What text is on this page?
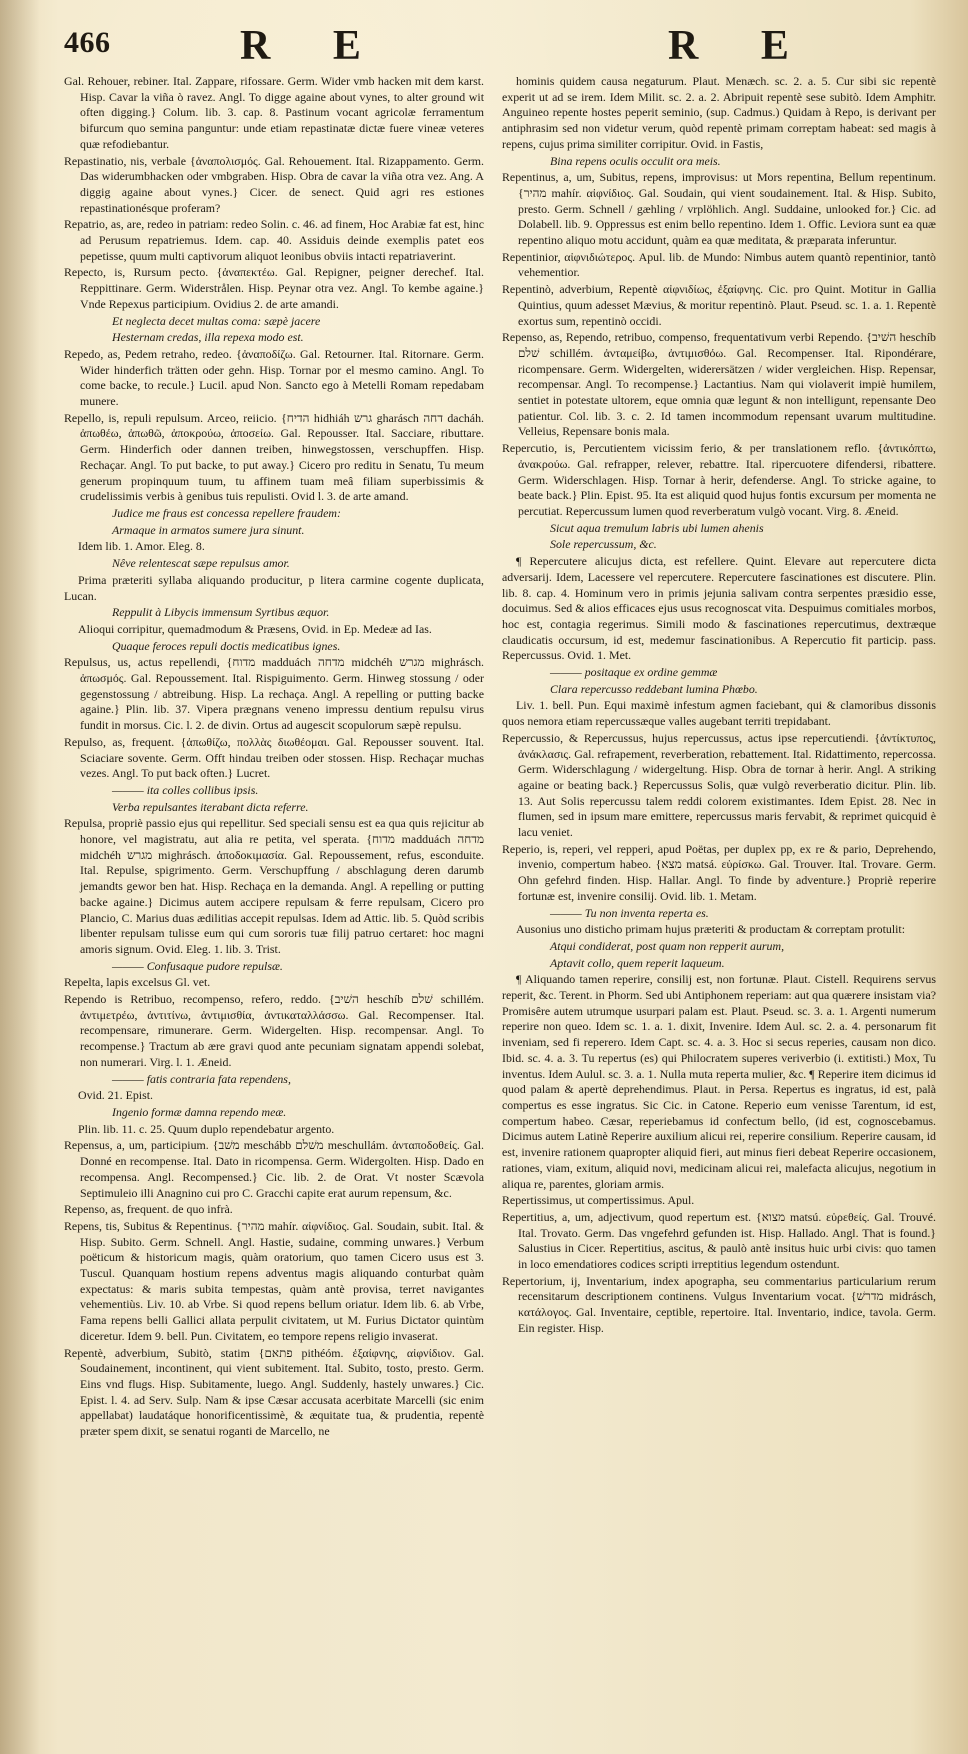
466	R E	R E

Gal. Rehouer, rebiner. Ital. Zappare, rifossare. Germ. Wider vmb hacken mit dem karst. Hisp. Cavar la viña ò ravez. Angl. To digge againe about vynes, to alter ground wit often digging.} Colum. lib. 3. cap. 8. Pastinum vocant agricolæ ferramentum bifurcum quo semina panguntur: unde etiam repastinatæ dictæ fuere vineæ veteres quæ refodiebantur.

Repastinatio, nis, verbale {ἀναπολισμός. Gal. Rehouement. Ital. Rizappamento. Germ. Das widerumbhacken oder vmbgraben. Hisp. Obra de cavar la viña otra vez. Ang. A diggig againe about vynes.} Cicer. de senect. Quid agri res estiones repastinationésque proferam?

Repatrio, as, are, redeo in patriam: redeo Solin. c. 46. ad finem, Hoc Arabiæ fat est, hinc ad Perusum repatriemus. Idem. cap. 40. Assiduis deinde exemplis patet eos pepetisse, quum multi captivorum aliquot leonibus obviis intacti repatriaverint.

Repecto, is, Rursum pecto. {ἀναπεκτέω. Gal. Repigner, peigner derechef. Ital. Reppittinare. Germ. Widerstrålen. Hisp. Peynar otra vez. Angl. To kembe againe.} Vnde Repexus participium. Ovidius 2. de arte amandi.

Et neglecta decet multas coma: sæpè jacere

Hesternam credas, illa repexa modo est.

Repedo, as, Pedem retraho, redeo. {ἀναποδίζω. Gal. Retourner. Ital. Ritornare. Germ. Wider hinderfich trätten oder gehn. Hisp. Tornar por el mesmo camino. Angl. To come backe, to recule.} Lucil. apud Non. Sancto ego à Metelli Romam repedabam munere.

Repello, is, repuli repulsum. Arceo, reiicio. {הדיח hidhiáh גרש gharásch דחה dacháh. ἀπωθέω, ἀπωθῶ, ἀποκρούω, ἀποσείω. Gal. Repousser. Ital. Sacciare, ributtare. Germ. Hinderfich oder dannen treiben, hinwegstossen, verschupffen. Hisp. Rechaçar. Angl. To put backe, to put away.} Cicero pro reditu in Senatu, Tu meum generum propinquum tuum, tu affinem tuam meâ filiam superbissimis & crudelissimis verbis à genibus tuis repulisti. Ovid l. 3. de arte amand.

Judice me fraus est concessa repellere fraudem:

Armaque in armatos sumere jura sinunt.

Idem lib. 1. Amor. Eleg. 8.

Nêve relentescat sæpe repulsus amor.

Prima præteriti syllaba aliquando producitur, p litera carmine cogente duplicata, Lucan.

Reppulit à Libycis immensum Syrtibus æquor.

Alioqui corripitur, quemadmodum & Præsens, Ovid. in Ep. Medeæ ad Ias.

Quaque feroces repuli doctis medicatibus ignes.

Repulsus, us, actus repellendi, {מדוח madduách מדחה midchéh מגרש mighrásch. ἀπωσμός. Gal. Repoussement. Ital. Rispiguimento. Germ. Hinweg stossung / oder gegenstossung / abtreibung. Hisp. La rechaça. Angl. A repelling or putting backe againe.} Plin. lib. 37. Vipera prægnans veneno impressu dentium repulsu virus fundit in morsus. Cic. l. 2. de divin. Ortus ad augescit scopulorum sæpè repulsu.

Repulso, as, frequent. {ἀπωθίζω, πολλὰς διωθέομαι. Gal. Repousser souvent. Ital. Sciaciare sovente. Germ. Offt hindau treiben oder stossen. Hisp. Rechaçar muchas vezes. Angl. To put back often.} Lucret.

——— ita colles collibus ipsis.

Verba repulsantes iterabant dicta referre.

Repulsa, propriè passio ejus qui repellitur. Sed speciali sensu est ea qua quis rejicitur ab honore, vel magistratu, aut alia re petita, vel sperata. {מדוח madduách מדחה midchéh מגרש mighrásch. ἀποδοκιμασία. Gal. Repoussement, refus, esconduite. Ital. Repulse, spigrimento. Germ. Verschupffung / abschlagung deren darumb jemandts gewor ben hat. Hisp. Rechaça en la demanda. Angl. A repelling or putting backe againe.} Dicimus autem accipere repulsam & ferre repulsam, Cicero pro Plancio, C. Marius duas ædilitias accepit repulsas. Idem ad Attic. lib. 5. Quòd scribis libenter repulsam tulisse eum qui cum sororis tuæ filij patruo certaret: hoc magni amoris signum. Ovid. Eleg. 1. lib. 3. Trist.

——— Confusaque pudore repulsæ.

Repelta, lapis excelsus Gl. vet.

Rependo is Retribuo, recompenso, refero, reddo. {השׁיב heschíb שׁלם schillém. ἀντιμετρέω, ἀντιτίνω, ἀντιμισθία, ἀντικαταλλάσσω. Gal. Recompenser. Ital. recompensare, rimunerare. Germ. Widergelten. Hisp. recompensar. Angl. To recompense.} Tractum ab ære gravi quod ante pecuniam signatam appendi solebat, non numerari. Virg. l. 1. Æneid.

——— fatis contraria fata rependens,

Ovid. 21. Epist.

Ingenio formæ damna rependo meæ.

Plin. lib. 11. c. 25. Quum duplo rependebatur argento.

Repensus, a, um, participium. {משׁב meschább משׁלם meschullám. ἀνταποδοθείς. Gal. Donné en recompense. Ital. Dato in ricompensa. Germ. Widergolten. Hisp. Dado en recompensa. Angl. Recompensed.} Cic. lib. 2. de Orat. Vt noster Scævola Septimuleio illi Anagnino cui pro C. Gracchi capite erat aurum repensum, &c.

Repenso, as, frequent. de quo infrà.

Repens, tis, Subitus & Repentinus. {מהיר mahír. αἰφνίδιος. Gal. Soudain, subit. Ital. & Hisp. Subito. Germ. Schnell. Angl. Hastie, sudaine, comming unwares.} Verbum poëticum & historicum magis, quàm oratorium, quo tamen Cicero usus est 3. Tuscul. Quanquam hostium repens adventus magis aliquando conturbat quàm expectatus: & maris subita tempestas, quàm antè provisa, terret navigantes vehementiùs. Liv. 10. ab Vrbe. Si quod repens bellum oriatur. Idem lib. 6. ab Vrbe, Fama repens belli Gallici allata perpulit civitatem, ut M. Furius Dictator quintùm diceretur. Idem 9. bell. Pun. Civitatem, eo tempore repens religio invaserat.

Repentè, adverbium, Subitò, statim {פתאם pithéóm. ἐξαίφνης, αἰφνίδιον. Gal. Soudainement, incontinent, qui vient subitement. Ital. Subito, tosto, presto. Germ. Eins vnd flugs. Hisp. Subitamente, luego. Angl. Suddenly, hastely unwares.} Cic. Epist. l. 4. ad Serv. Sulp. Nam & ipse Cæsar accusata acerbitate Marcelli (sic enim appellabat) laudatáque honorificentissimè, & æquitate tua, & prudentia, repentè præter spem dixit, se senatui roganti de Marcello, ne

hominis quidem causa negaturum. Plaut. Menæch. sc. 2. a. 5. Cur sibi sic repentè experit ut ad se irem. Idem Milit. sc. 2. a. 2. Abripuit repentè sese subitò. Idem Amphitr. Anguineo repente hostes peperit seminio, (sup. Cadmus.) Quidam à Repo, is derivant per antiphrasim sed non videtur verum, quòd repentè primam correptam habeat: sed magis à repens, cujus prima similiter corripitur. Ovid. in Fastis,

Bina repens oculis occulit ora meis.

Repentinus, a, um, Subitus, repens, improvisus: ut Mors repentina, Bellum repentinum. {מהיר mahír. αἰφνίδιος. Gal. Soudain, qui vient soudainement. Ital. & Hisp. Subito, presto. Germ. Schnell / gæhling / vrplöhlich. Angl. Suddaine, unlooked for.} Cic. ad Dolabell. lib. 9. Oppressus est enim bello repentino. Idem 1. Offic. Leviora sunt ea quæ repentino aliquo motu accidunt, quàm ea quæ meditata, & præparata inferuntur.

Repentinior, αἰφνιδιώτερος. Apul. lib. de Mundo: Nimbus autem quantò repentinior, tantò vehementior.

Repentinò, adverbium, Repentè αἰφνιδίως, ἐξαίφνης. Cic. pro Quint. Motitur in Gallia Quintius, quum adesset Mævius, & moritur repentinò. Plaut. Pseud. sc. 1. a. 1. Repentè exortus sum, repentinò occidi.

Repenso, as, Rependo, retribuo, compenso, frequentativum verbi Rependo. {השׁיב heschíb שׁלם schillém. ἀνταμείβω, ἀντιμισθόω. Gal. Recompenser. Ital. Ripondérare, ricompensare. Germ. Widergelten, widerersätzen / wider vergleichen. Hisp. Repensar, recompensar. Angl. To recompense.} Lactantius. Nam qui violaverit impiè humilem, sentiet in potestate ultorem, eque omnia quæ legunt & non intelligunt, repensante Deo patientur. Col. lib. 3. c. 2. Id tamen incommodum repensant uvarum multitudine. Velleius, Repensare bonis mala.

Repercutio, is, Percutientem vicissim ferio, & per translationem reflo. {ἀντικόπτω, ἀνακρούω. Gal. refrapper, relever, rebattre. Ital. ripercuotere difendersi, ribattere. Germ. Widerschlagen. Hisp. Tornar à herir, defenderse. Angl. To stricke againe, to beate back.} Plin. Epist. 95. Ita est aliquid quod hujus fontis excursum per momenta ne percutiat. Repercussum lumen quod reverberatum vulgò vocant. Virg. 8. Æneid.

Sicut aqua tremulum labris ubi lumen ahenis

Sole repercussum, &c.

¶ Repercutere alicujus dicta, est refellere. Quint. Elevare aut repercutere dicta adversarij. Idem, Lacessere vel repercutere. Repercutere fascinationes est discutere. Plin. lib. 8. cap. 4. Hominum vero in primis jejunia salivam contra serpentes præsidio esse, docuimus. Sed & alios efficaces ejus usus recognoscat vita. Despuimus comitiales morbos, hoc est, contagia regerimus. Simili modo & fascinationes repercutimus, dextræque claudicatis occursum, id est, medemur fascinationibus. A Repercutio fit particip. pass. Repercussus. Ovid. 1. Met.

——— positaque ex ordine gemmæ

Clara repercusso reddebant lumina Phœbo.

Liv. 1. bell. Pun. Equi maximè infestum agmen faciebant, qui & clamoribus dissonis quos nemora etiam repercussæque valles augebant territi trepidabant.

Repercussio, & Repercussus, hujus repercussus, actus ipse repercutiendi. {ἀντίκτυπος, ἀνάκλασις. Gal. refrapement, reverberation, rebattement. Ital. Ridattimento, repercossa. Germ. Widerschlagung / widergeltung. Hisp. Obra de tornar à herir. Angl. A striking againe or beating back.} Repercussus Solis, quæ vulgò reverberatio dicitur. Plin. lib. 13. Aut Solis repercussu talem reddi colorem existimantes. Idem Epist. 28. Nec in flumen, sed in ipsum mare emittere, repercussus maris fervabit, & reprimet quicquid è lacu veniet.

Reperio, is, reperi, vel repperi, apud Poëtas, per duplex pp, ex re & pario, Deprehendo, invenio, compertum habeo. {מצא matsá. εὑρίσκω. Gal. Trouver. Ital. Trovare. Germ. Ohn gefehrd finden. Hisp. Hallar. Angl. To finde by adventure.} Propriè reperire fortunæ est, invenire consilij. Ovid. lib. 1. Metam.

——— Tu non inventa reperta es.

Ausonius uno disticho primam hujus præteriti & productam & correptam protulit:

Atqui condiderat, post quam non repperit aurum,

Aptavit collo, quem reperit laqueum.

¶ Aliquando tamen reperire, consilij est, non fortunæ. Plaut. Cistell. Requirens servus reperit, &c. Terent. in Phorm. Sed ubi Antiphonem reperiam: aut qua quærere insistam via? Promisêre autem utrumque usurpari palam est. Plaut. Pseud. sc. 3. a. 1. Argenti numerum reperire non queo. Idem sc. 1. a. 1. dixit, Invenire. Idem Aul. sc. 2. a. 4. personarum fit inveniam, sed fi reperero. Idem Capt. sc. 4. a. 3. Hoc si secus reperies, causam non dico. Ibid. sc. 4. a. 3. Tu repertus (es) qui Philocratem superes veriverbio (i. extitisti.) Mox, Tu inventus. Idem Aulul. sc. 3. a. 1. Nulla muta reperta mulier, &c. ¶ Reperire item dicimus id quod palam & apertè deprehendimus. Plaut. in Persa. Repertus es ingratus, id est, palà compertus es esse ingratus. Sic Cic. in Catone. Reperio eum venisse Tarentum, id est, compertum habeo. Cæsar, reperiebamus id confectum bello, (id est, cognoscebamus. Dicimus autem Latinè Reperire auxilium alicui rei, reperire consilium. Reperire causam, id est, invenire rationem quapropter aliquid fieri, aut minus fieri debeat Reperire occasionem, rationes, viam, exitum, aliquid novi, medicinam alicui rei, malefacta alicujus, negotium in aliqua re, parentes, gloriam armis.

Repertissimus, ut compertissimus. Apul.

Repertitius, a, um, adjectivum, quod repertum est. {מצוא matsú. εὑρεθείς. Gal. Trouvé. Ital. Trovato. Germ. Das vngefehrd gefunden ist. Hisp. Hallado. Angl. That is found.} Salustius in Cicer. Repertitius, ascitus, & paulò antè insitus huic urbi civis: quo tamen in loco emendatiores codices scripti irreptitius legendum ostendunt.

Repertorium, ij, Inventarium, index apographa, seu commentarius particularium rerum recensitarum descriptionem continens. Vulgus Inventarium vocat. {מדרשׁ midrásch, κατάλογος. Gal. Inventaire, ceptible, repertoire. Ital. Inventario, indice, tavola. Germ. Ein register. Hisp.
